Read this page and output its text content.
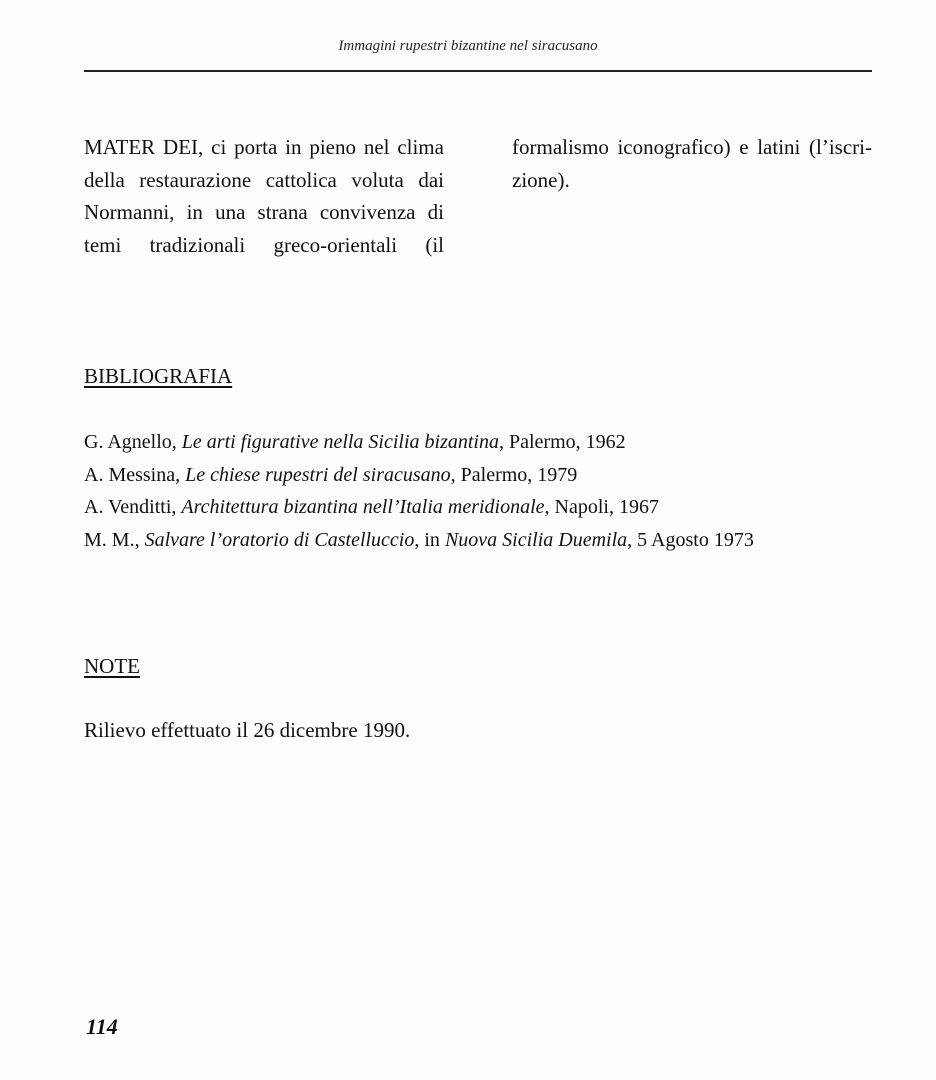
Immagini rupestri bizantine nel siracusano
MATER DEI, ci porta in pieno nel clima
della restaurazione cattolica voluta dai
Normanni, in una strana convivenza di
temi tradizionali greco-orientali (il
formalismo iconografico) e latini (l’iscri-
zione).
BIBLIOGRAFIA
G. Agnello, Le arti figurative nella Sicilia bizantina, Palermo, 1962
A. Messina, Le chiese rupestri del siracusano, Palermo, 1979
A. Venditti, Architettura bizantina nell’Italia meridionale, Napoli, 1967
M. M., Salvare l’oratorio di Castelluccio, in Nuova Sicilia Duemila, 5 Agosto 1973
NOTE
Rilievo effettuato il 26 dicembre 1990.
114
